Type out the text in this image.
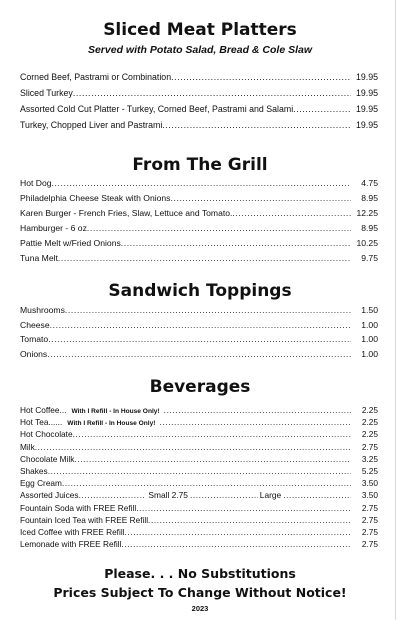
Sliced Meat Platters
Served with Potato Salad, Bread & Cole Slaw
Corned Beef, Pastrami or Combination .....	19.95
Sliced Turkey .....	19.95
Assorted Cold Cut Platter - Turkey, Corned Beef, Pastrami and Salami .....	19.95
Turkey, Chopped Liver and Pastrami .....	19.95
From The Grill
Hot Dog .....	4.75
Philadelphia Cheese Steak with Onions .....	8.95
Karen Burger - French Fries, Slaw, Lettuce and Tomato. .....	12.25
Hamburger - 6 oz .....	8.95
Pattie Melt w/Fried Onions .....	10.25
Tuna Melt .....	9.75
Sandwich Toppings
Mushrooms .....	1.50
Cheese .....	1.00
Tomato .....	1.00
Onions .....	1.00
Beverages
Hot Coffee... With I Refill - In House Only! .....	2.25
Hot Tea...... With I Refill - In House Only! .....	2.25
Hot Chocolate .....	2.25
Milk .....	2.75
Chocolate Milk .....	3.25
Shakes .....	5.25
Egg Cream .....	3.50
Assorted Juices .....	Small 2.75 .....	Large .....	3.50
Fountain Soda with FREE Refill .....	2.75
Fountain Iced Tea with FREE Refill .....	2.75
Iced Coffee with FREE Refill .....	2.75
Lemonade with FREE Refill .....	2.75
Please. . . No Substitutions
Prices Subject To Change Without Notice!
2023
